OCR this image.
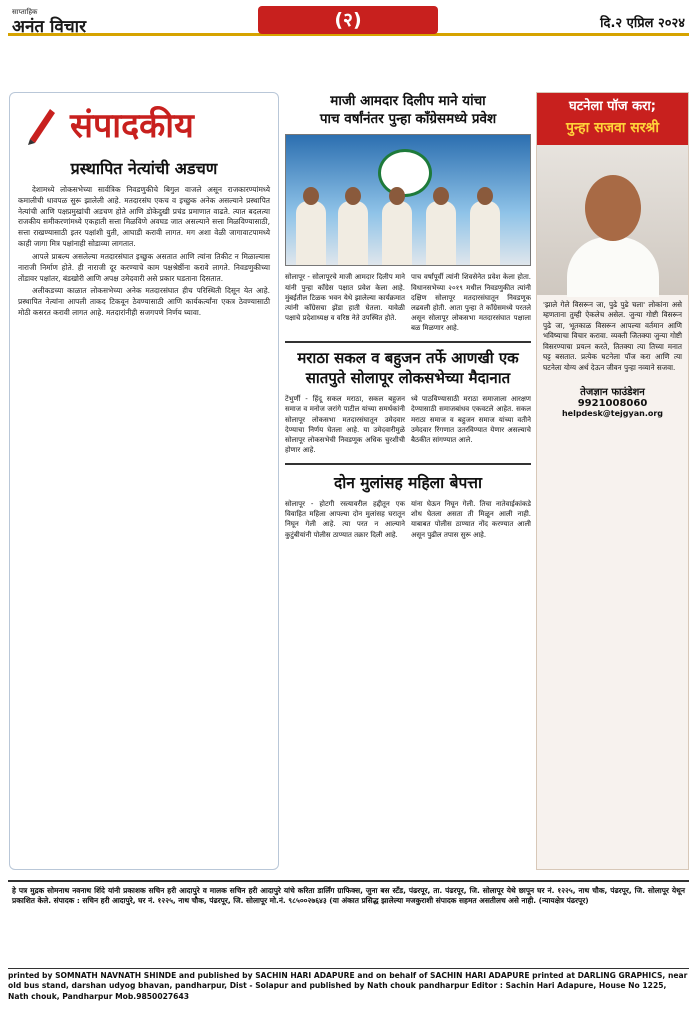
साप्ताहिक
अनंत विचार	(२)	दि.२ एप्रिल २०२४
संपादकीय
प्रस्थापित नेत्यांची अडचण

देशामध्ये लोकसभेच्या सार्वत्रिक निवडणुकीचे बिगुल वाजले असून राजकारण्यांमध्ये कमालीची धावपळ सुरू झालेली आहे. मतदारसंघ एकच व इच्छुक अनेक असल्याने प्रस्थापित नेत्यांची आणि पक्षप्रमुखांची अडचण होते आणि डोकेदुखी प्रचंड प्रमाणात वाढते. त्यात बदलत्या राजकीय समीकरणांमध्ये एकहाती सत्ता मिळविणे अवघड जात असल्याने सत्ता मिळविण्यासाठी, सत्ता राखण्यासाठी इतर पक्षांशी युती, आघाडी करावी लागत. मग अशा वेळी जागावाटपामध्ये काही जागा मित्र पक्षांनाही सोडाव्या लागतात.

आपले प्राबल्य असलेल्या मतदारसंघात इच्छुक असतात आणि त्यांना तिकीट न मिळाल्यास नाराजी निर्माण होते. ही नाराजी दूर करण्याचे काम पक्षश्रेष्ठींना करावे लागते. निवडणुकीच्या तोंडावर पक्षांतर, बंडखोरी आणि अपक्ष उमेदवारी असे प्रकार घडताना दिसतात.

अलीकडच्या काळात लोकसभेच्या अनेक मतदारसंघात हीच परिस्थिती दिसून येत आहे. प्रस्थापित नेत्यांना आपली ताकद टिकवून ठेवण्यासाठी आणि कार्यकर्त्यांना एकत्र ठेवण्यासाठी मोठी कसरत करावी लागत आहे. मतदारांनीही सजगपणे निर्णय घ्यावा.

माजी आमदार दिलीप माने यांचा
पाच वर्षांनंतर पुन्हा काँग्रेसमध्ये प्रवेश

सोलापूर - सोलापूरचे माजी आमदार दिलीप माने यांनी पुन्हा काँग्रेस पक्षात प्रवेश केला आहे. मुंबईतील टिळक भवन येथे झालेल्या कार्यक्रमात त्यांनी काँग्रेसचा झेंडा हाती घेतला. यावेळी पक्षाचे प्रदेशाध्यक्ष व वरिष्ठ नेते उपस्थित होते.

पाच वर्षांपूर्वी त्यांनी शिवसेनेत प्रवेश केला होता. विधानसभेच्या २०१९ मधील निवडणुकीत त्यांनी दक्षिण सोलापूर मतदारसंघातून निवडणूक लढवली होती. आता पुन्हा ते काँग्रेसमध्ये परतले असून सोलापूर लोकसभा मतदारसंघात पक्षाला बळ मिळणार आहे.

मराठा सकल व बहुजन तर्फे आणखी एक
सातपुते सोलापूर लोकसभेच्या मैदानात

टेंभुर्णी - हिंदू सकल मराठा, सकल बहुजन समाज व मनोज जरांगे पाटील यांच्या समर्थकांनी सोलापूर लोकसभा मतदारसंघातून उमेदवार देण्याचा निर्णय घेतला आहे. या उमेदवारीमुळे सोलापूर लोकसभेची निवडणूक अधिक चुरशीची होणार आहे.

ध्ये पाठविण्यासाठी मराठा समाजाला आरक्षण देण्यासाठी समाजबांधव एकवटले आहेत. सकल मराठा समाज व बहुजन समाज यांच्या वतीने उमेदवार रिंगणात उतरविण्यात येणार असल्याचे बैठकीत सांगण्यात आले.

दोन मुलांसह महिला बेपत्ता

सोलापूर - होटगी रस्त्यावरील हद्दीतून एक विवाहित महिला आपल्या दोन मुलांसह घरातून निघून गेली आहे. त्या परत न आल्याने कुटुंबीयांनी पोलीस ठाण्यात तक्रार दिली आहे.

यांना घेऊन निघून गेली. तिचा नातेवाईकांकडे शोध घेतला असता ती मिळून आली नाही. याबाबत पोलीस ठाण्यात नोंद करण्यात आली असून पुढील तपास सुरू आहे.

घटनेला पॉज करा;
पुन्हा सजवा सरश्री
'झाले गेले विसरून जा, पुढे पुढे चला' लोकांना असे म्हणताना तुम्ही ऐकलेच असेल. जुन्या गोष्टी विसरून पुढे जा, भूतकाळ विसरून आपल्या वर्तमान आणि भविष्याचा विचार करावा. व्यक्ती जितक्या जुन्या गोष्टी विसरण्याचा प्रयत्न करते, तितक्या त्या तिच्या मनात घट्ट बसतात. प्रत्येक घटनेला पॉज करा आणि त्या घटनेला योग्य अर्थ देऊन जीवन पुन्हा नव्याने सजवा.
तेजज्ञान फाउंडेशन
9921008060
helpdesk@tejgyan.org
हे पत्र मुद्रक सोमनाथ नवनाथ शिंदे यांनी प्रकाशक सचिन हरी आदापुरे व मालक सचिन हरी आदापुरे यांचे करिता डार्लिंग ग्राफिक्स, जुना बस स्टँड, पंढरपूर, ता. पंढरपूर, जि. सोलापूर येथे छापून घर नं. १२२५, नाथ चौक, पंढरपूर, जि. सोलापूर येथून प्रकाशित केले. संपादक : सचिन हरी आदापुरे, घर नं. १२२५, नाथ चौक, पंढरपूर, जि. सोलापूर मो.नं. ९८५००२७६४३ (या अंकात प्रसिद्ध झालेल्या मजकुराशी संपादक सहमत असतीलच असे नाही. (न्यायक्षेत्र पंढरपूर)
printed by SOMNATH NAVNATH SHINDE and published by SACHIN HARI ADAPURE and on behalf of SACHIN HARI ADAPURE printed at DARLING GRAPHICS, near old bus stand, darshan udyog bhavan, pandharpur, Dist - Solapur and published by Nath chouk pandharpur Editor : Sachin Hari Adapure, House No 1225, Nath chouk, Pandharpur Mob.9850027643
